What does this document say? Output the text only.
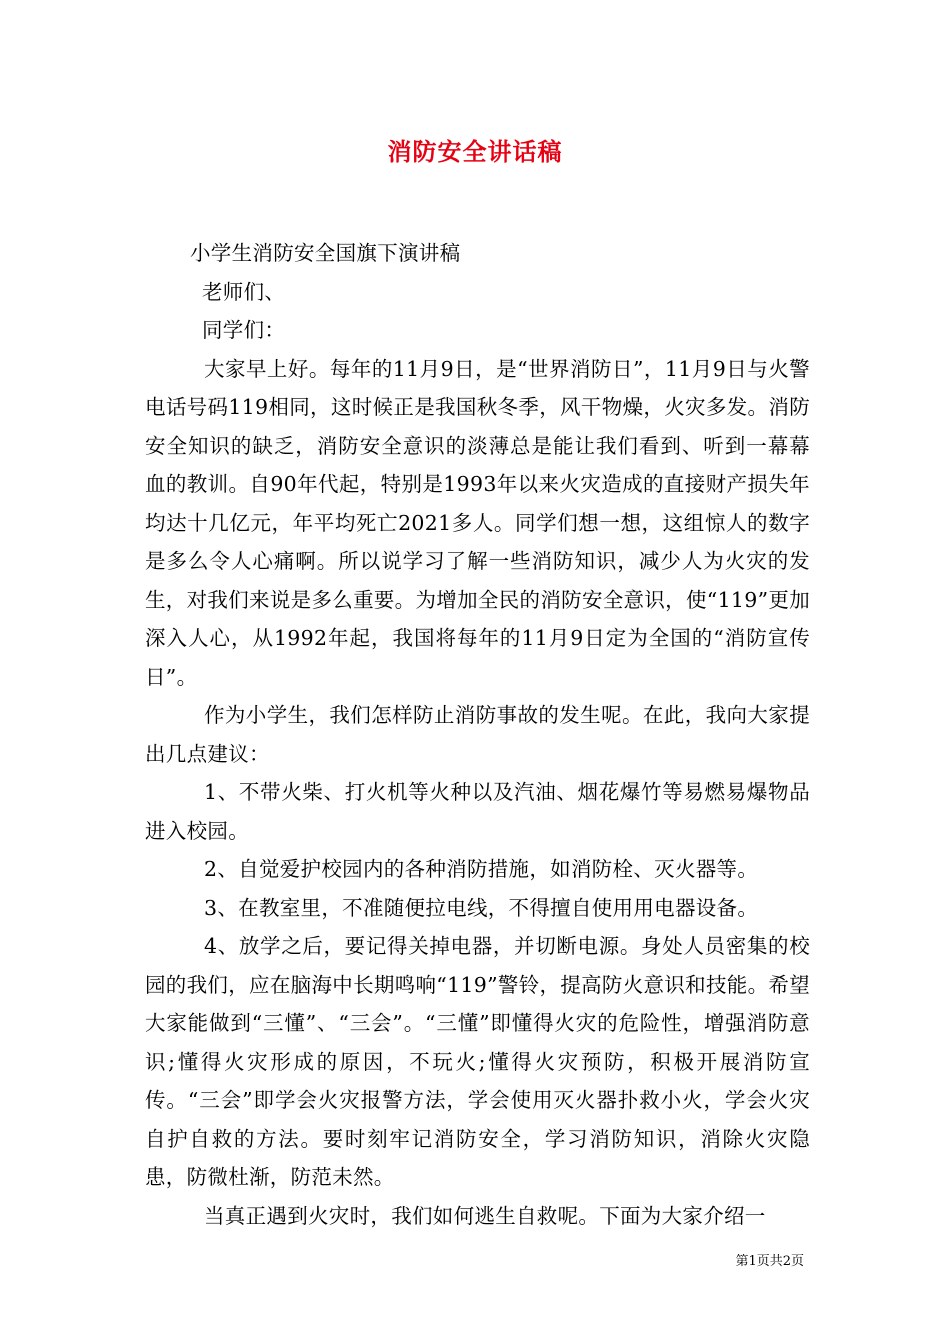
消防安全讲话稿

小学生消防安全国旗下演讲稿

老师们、

同学们：

大家早上好。每年的11月9日，是“世界消防日”，11月9日与火警电话号码119相同，这时候正是我国秋冬季，风干物燥，火灾多发。消防安全知识的缺乏，消防安全意识的淡薄总是能让我们看到、听到一幕幕血的教训。自90年代起，特别是1993年以来火灾造成的直接财产损失年均达十几亿元，年平均死亡2021多人。同学们想一想，这组惊人的数字是多么令人心痛啊。所以说学习了解一些消防知识，减少人为火灾的发生，对我们来说是多么重要。为增加全民的消防安全意识，使“119”更加深入人心，从1992年起，我国将每年的11月9日定为全国的“消防宣传日”。

作为小学生，我们怎样防止消防事故的发生呢。在此，我向大家提出几点建议：

1、不带火柴、打火机等火种以及汽油、烟花爆竹等易燃易爆物品进入校园。

2、自觉爱护校园内的各种消防措施，如消防栓、灭火器等。

3、在教室里，不准随便拉电线，不得擅自使用用电器设备。

4、放学之后，要记得关掉电器，并切断电源。身处人员密集的校园的我们，应在脑海中长期鸣响“119”警铃，提高防火意识和技能。希望大家能做到“三懂”、“三会”。“三懂”即懂得火灾的危险性，增强消防意识;懂得火灾形成的原因，不玩火;懂得火灾预防，积极开展消防宣传。“三会”即学会火灾报警方法，学会使用灭火器扑救小火，学会火灾自护自救的方法。要时刻牢记消防安全，学习消防知识，消除火灾隐患，防微杜渐，防范未然。

当真正遇到火灾时，我们如何逃生自救呢。下面为大家介绍一

第1页共2页
